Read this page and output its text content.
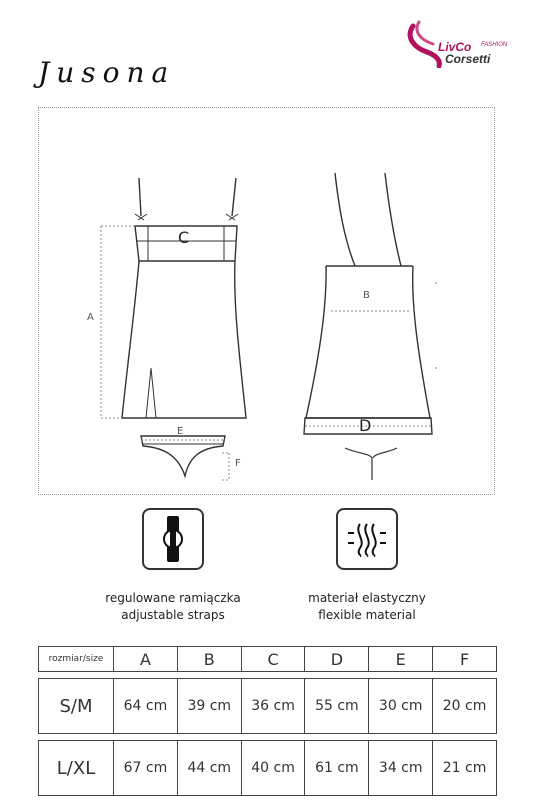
Jusona
LivCo FASHION
Corsetti
A
B
C
D
E
F
regulowane ramiączka
adjustable straps
materiał elastyczny
flexible material
rozmiar/size	A	B	C	D	E	F

S/M	64 cm	39 cm	36 cm	55 cm	30 cm	20 cm

L/XL	67 cm	44 cm	40 cm	61 cm	34 cm	21 cm
